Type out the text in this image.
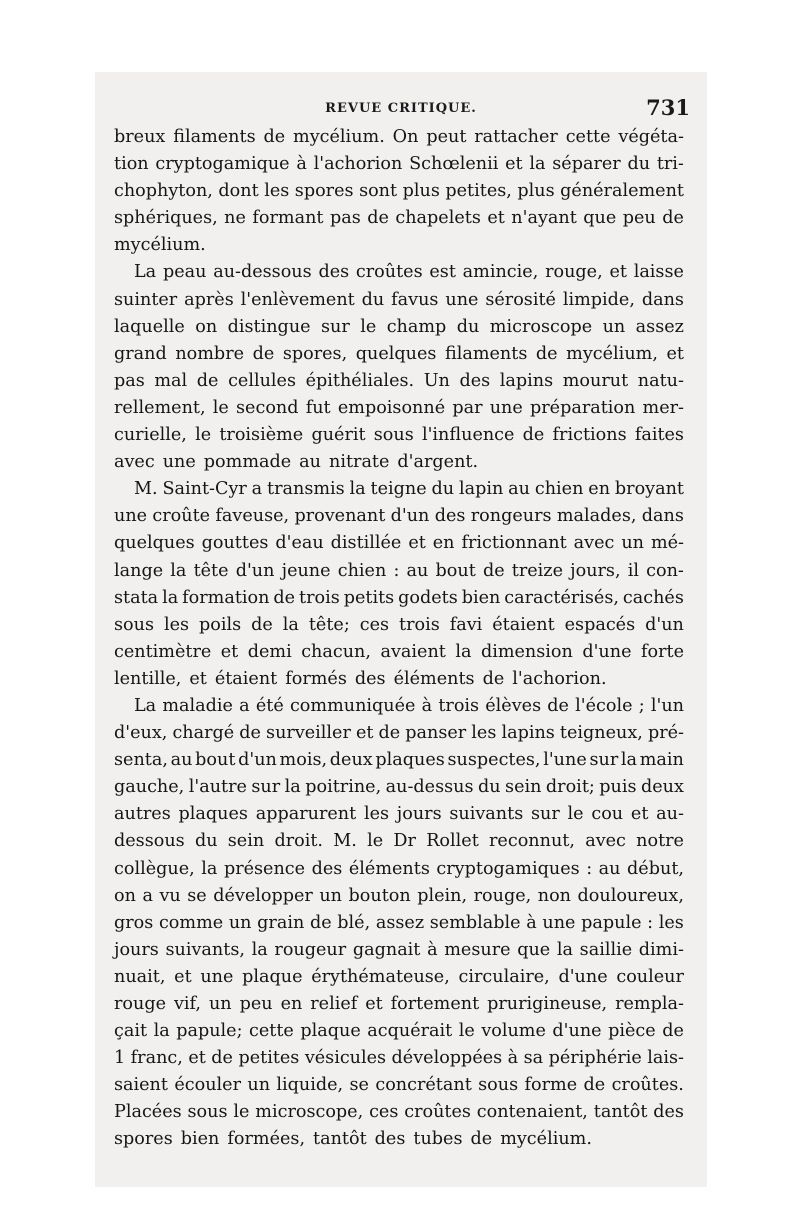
REVUE CRITIQUE.	731
breux filaments de mycélium. On peut rattacher cette végéta-
tion cryptogamique à l'achorion Schœlenii et la séparer du tri-
chophyton, dont les spores sont plus petites, plus généralement
sphériques, ne formant pas de chapelets et n'ayant que peu de
mycélium.
La peau au-dessous des croûtes est amincie, rouge, et laisse
suinter après l'enlèvement du favus une sérosité limpide, dans
laquelle on distingue sur le champ du microscope un assez
grand nombre de spores, quelques filaments de mycélium, et
pas mal de cellules épithéliales. Un des lapins mourut natu-
rellement, le second fut empoisonné par une préparation mer-
curielle, le troisième guérit sous l'influence de frictions faites
avec une pommade au nitrate d'argent.
M. Saint-Cyr a transmis la teigne du lapin au chien en broyant
une croûte faveuse, provenant d'un des rongeurs malades, dans
quelques gouttes d'eau distillée et en frictionnant avec un mé-
lange la tête d'un jeune chien : au bout de treize jours, il con-
stata la formation de trois petits godets bien caractérisés, cachés
sous les poils de la tête; ces trois favi étaient espacés d'un
centimètre et demi chacun, avaient la dimension d'une forte
lentille, et étaient formés des éléments de l'achorion.
La maladie a été communiquée à trois élèves de l'école ; l'un
d'eux, chargé de surveiller et de panser les lapins teigneux, pré-
senta, au bout d'un mois, deux plaques suspectes, l'une sur la main
gauche, l'autre sur la poitrine, au-dessus du sein droit; puis deux
autres plaques apparurent les jours suivants sur le cou et au-
dessous du sein droit. M. le Dr Rollet reconnut, avec notre
collègue, la présence des éléments cryptogamiques : au début,
on a vu se développer un bouton plein, rouge, non douloureux,
gros comme un grain de blé, assez semblable à une papule : les
jours suivants, la rougeur gagnait à mesure que la saillie dimi-
nuait, et une plaque érythémateuse, circulaire, d'une couleur
rouge vif, un peu en relief et fortement prurigineuse, rempla-
çait la papule; cette plaque acquérait le volume d'une pièce de
1 franc, et de petites vésicules développées à sa périphérie lais-
saient écouler un liquide, se concrétant sous forme de croûtes.
Placées sous le microscope, ces croûtes contenaient, tantôt des
spores bien formées, tantôt des tubes de mycélium.
